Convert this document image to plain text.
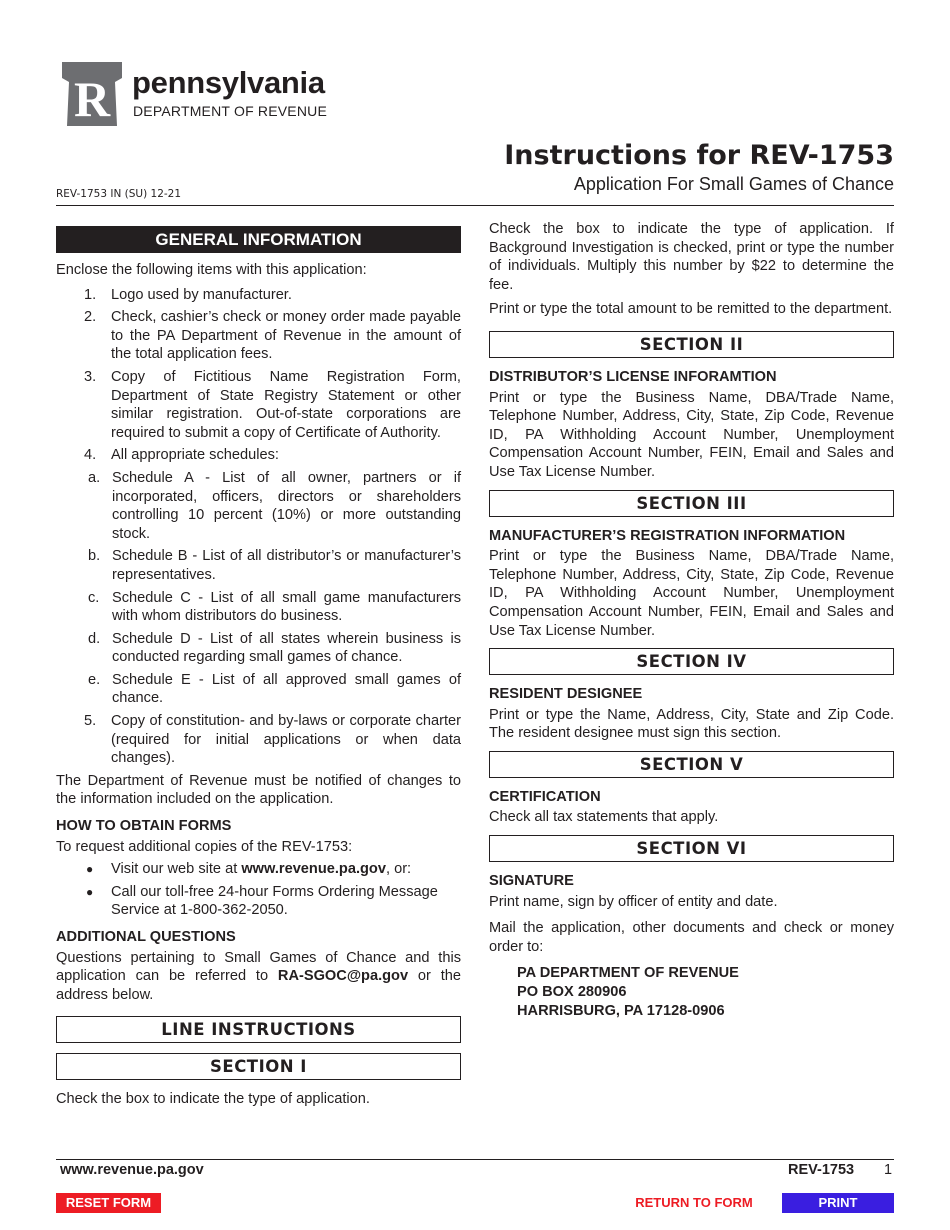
R pennsylvania
DEPARTMENT OF REVENUE
Instructions for REV-1753
Application For Small Games of Chance
REV-1753 IN (SU) 12-21
GENERAL INFORMATION

Enclose the following items with this application:

1. Logo used by manufacturer.
2. Check, cashier’s check or money order made payable to the PA Department of Revenue in the amount of the total application fees.
3. Copy of Fictitious Name Registration Form, Department of State Registry Statement or other similar registration. Out-of-state corporations are required to submit a copy of Certificate of Authority.
4. All appropriate schedules:
a. Schedule A - List of all owner, partners or if incorporated, officers, directors or shareholders controlling 10 percent (10%) or more outstanding stock.
b. Schedule B - List of all distributor’s or manufacturer’s representatives.
c. Schedule C - List of all small game manufacturers with whom distributors do business.
d. Schedule D - List of all states wherein business is conducted regarding small games of chance.
e. Schedule E - List of all approved small games of chance.
5. Copy of constitution- and by-laws or corporate charter (required for initial applications or when data changes).

The Department of Revenue must be notified of changes to the information included on the application.

HOW TO OBTAIN FORMS

To request additional copies of the REV-1753:

● Visit our web site at www.revenue.pa.gov, or:
● Call our toll-free 24-hour Forms Ordering Message Service at 1-800-362-2050.
ADDITIONAL QUESTIONS

Questions pertaining to Small Games of Chance and this application can be referred to RA-SGOC@pa.gov or the address below.

LINE INSTRUCTIONS
SECTION I

Check the box to indicate the type of application.

Check the box to indicate the type of application. If Background Investigation is checked, print or type the number of individuals. Multiply this number by $22 to determine the fee.

Print or type the total amount to be remitted to the department.

SECTION II
DISTRIBUTOR’S LICENSE INFORAMTION

Print or type the Business Name, DBA/Trade Name, Telephone Number, Address, City, State, Zip Code, Revenue ID, PA Withholding Account Number, Unemployment Compensation Account Number, FEIN, Email and Sales and Use Tax License Number.

SECTION III
MANUFACTURER’S REGISTRATION INFORMATION

Print or type the Business Name, DBA/Trade Name, Telephone Number, Address, City, State, Zip Code, Revenue ID, PA Withholding Account Number, Unemployment Compensation Account Number, FEIN, Email and Sales and Use Tax License Number.

SECTION IV
RESIDENT DESIGNEE

Print or type the Name, Address, City, State and Zip Code. The resident designee must sign this section.

SECTION V
CERTIFICATION

Check all tax statements that apply.

SECTION VI
SIGNATURE

Print name, sign by officer of entity and date.

Mail the application, other documents and check or money order to:

PA DEPARTMENT OF REVENUE
PO BOX 280906
HARRISBURG, PA 17128-0906
www.revenue.pa.gov	REV-1753 1
RESET FORM	RETURN TO FORM	PRINT
